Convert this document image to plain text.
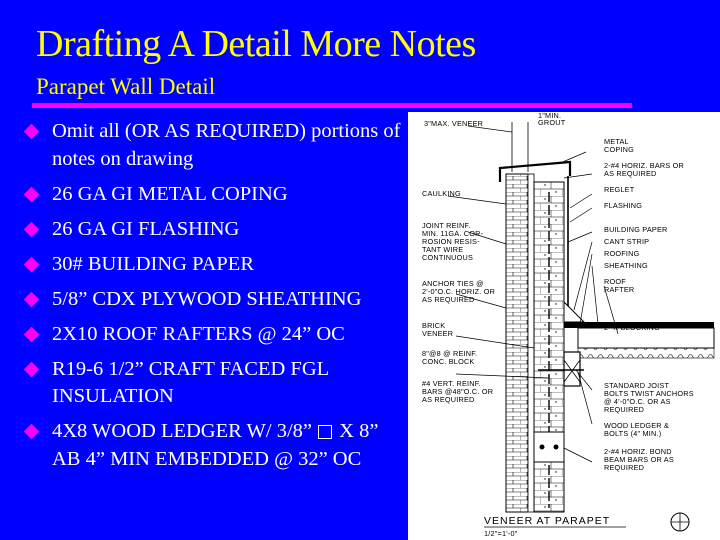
Drafting A Detail More Notes
Parapet Wall Detail
Omit all (OR AS REQUIRED) portions of notes on drawing
26 GA GI METAL COPING
26 GA GI FLASHING
30# BUILDING PAPER
5/8” CDX PLYWOOD SHEATHING
2X10 ROOF RAFTERS @ 24” OC
R19-6 1/2” CRAFT FACED FGL INSULATION
4X8 WOOD LEDGER W/ 3/8” X 8” AB 4” MIN EMBEDDED @ 32” OC
3"MAX. VENEER
1"MIN.
GROUT
METAL
COPING
2-#4 HORIZ. BARS OR
AS REQUIRED
CAULKING	REGLET
FLASHING
JOINT REINF.
MIN. 11GA. COR-
ROSION RESIS-
TANT WIRE
CONTINUOUS
BUILDING PAPER
CANT STRIP
ROOFING
SHEATHING
ROOF
RAFTER
ANCHOR TIES @
2'-0"O.C. HORIZ. OR
AS REQUIRED
BRICK
VENEER
2" X BLOCKING
8"@8 @ REINF.
CONC. BLOCK
#4 VERT. REINF.
BARS @48"O.C. OR
AS REQUIRED
STANDARD JOIST
BOLTS TWIST ANCHORS
@ 4'-0"O.C. OR AS
REQUIRED
WOOD LEDGER &
BOLTS (4" MIN.)
2-#4 HORIZ. BOND
BEAM BARS OR AS
REQUIRED
VENEER AT PARAPET
1/2"=1'-0"
